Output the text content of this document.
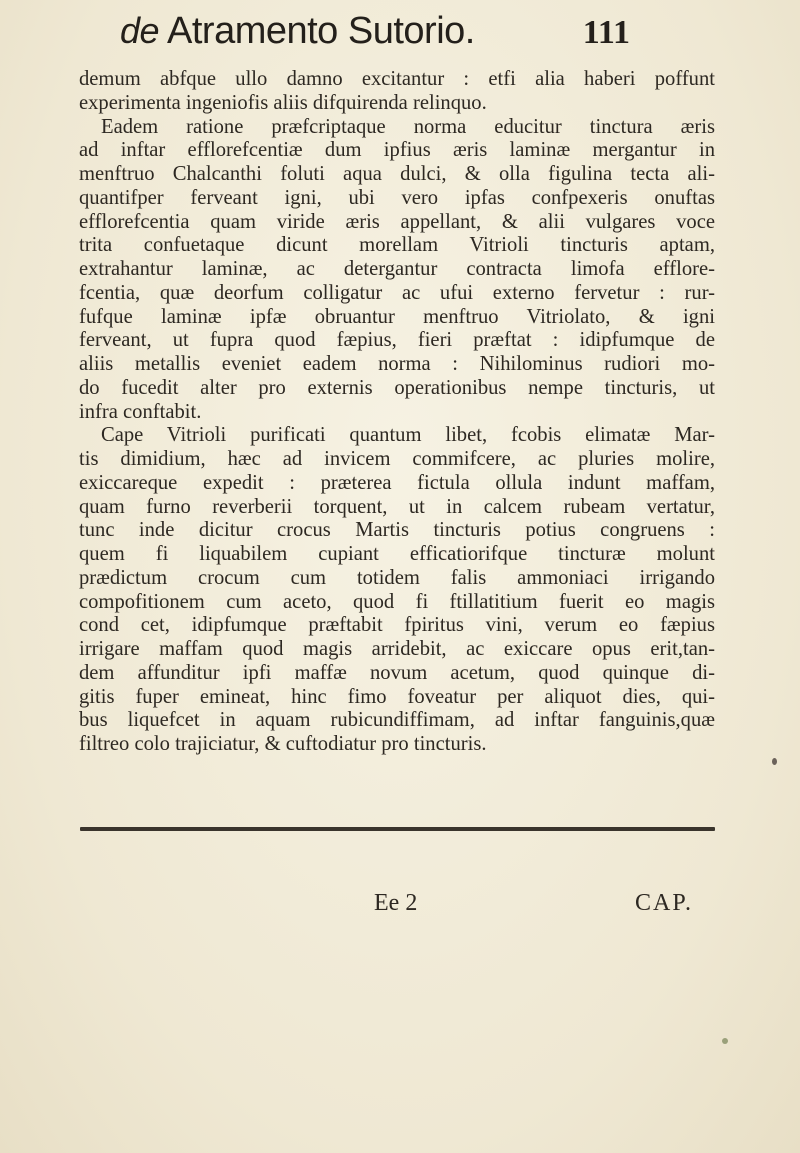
de Atramento Sutorio.	111
demum abfque ullo damno excitantur : etfi alia haberi poffunt
experimenta ingeniofis aliis difquirenda relinquo.
Eadem ratione præfcriptaque norma educitur tinctura æris
ad inftar efflorefcentiæ dum ipfius æris laminæ mergantur in
menftruo Chalcanthi foluti aqua dulci, & olla figulina tecta ali-
quantifper ferveant igni, ubi vero ipfas confpexeris onuftas
efflorefcentia quam viride æris appellant, & alii vulgares voce
trita confuetaque dicunt morellam Vitrioli tincturis aptam,
extrahantur laminæ, ac detergantur contracta limofa efflore-
fcentia, quæ deorfum colligatur ac ufui externo fervetur : rur-
fufque laminæ ipfæ obruantur menftruo Vitriolato, & igni
ferveant, ut fupra quod fæpius, fieri præftat : idipfumque de
aliis metallis eveniet eadem norma : Nihilominus rudiori mo-
do fucedit alter pro externis operationibus nempe tincturis, ut
infra conftabit.
Cape Vitrioli purificati quantum libet, fcobis elimatæ Mar-
tis dimidium, hæc ad invicem commifcere, ac pluries molire,
exiccareque expedit : præterea fictula ollula indunt maffam,
quam furno reverberii torquent, ut in calcem rubeam vertatur,
tunc inde dicitur crocus Martis tincturis potius congruens :
quem fi liquabilem cupiant efficatiorifque tincturæ molunt
prædictum crocum cum totidem falis ammoniaci irrigando
compofitionem cum aceto, quod fi ftillatitium fuerit eo magis
cond cet, idipfumque præftabit fpiritus vini, verum eo fæpius
irrigare maffam quod magis arridebit, ac exiccare opus erit,tan-
dem affunditur ipfi maffæ novum acetum, quod quinque di-
gitis fuper emineat, hinc fimo foveatur per aliquot dies, qui-
bus liquefcet in aquam rubicundiffimam, ad inftar fanguinis,quæ
filtreo colo trajiciatur, & cuftodiatur pro tincturis.
Ee 2	CAP.
